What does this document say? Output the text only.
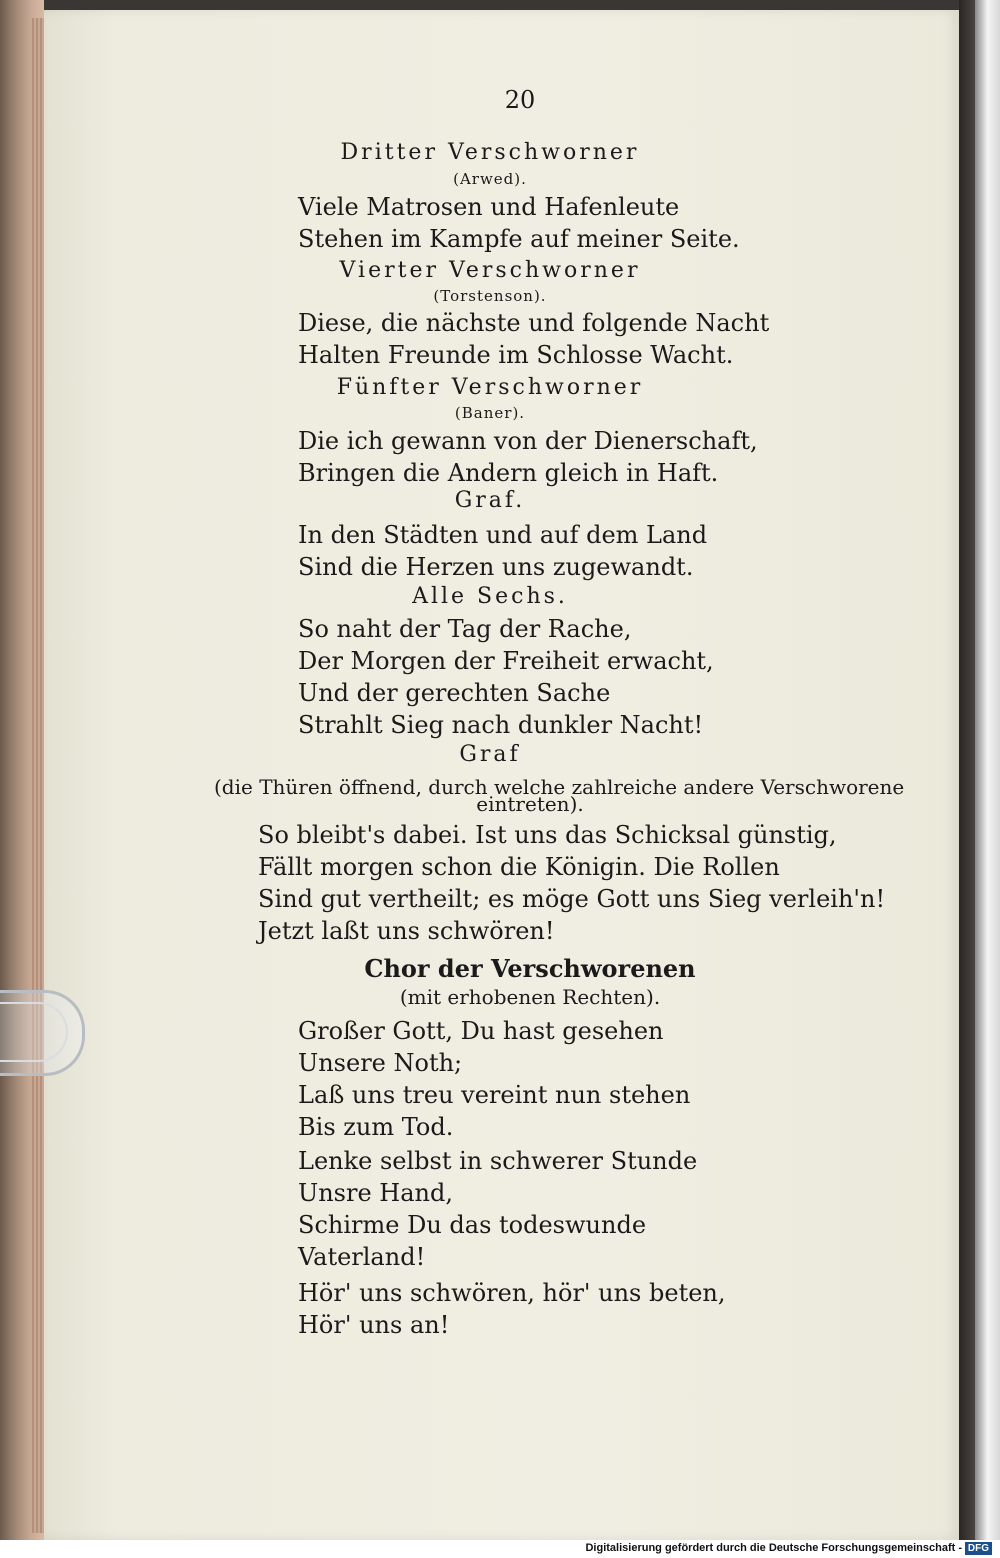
20
Dritter Verschworner
(Arwed).
Viele Matrosen und Hafenleute
Stehen im Kampfe auf meiner Seite.
Vierter Verschworner
(Torstenson).
Diese, die nächste und folgende Nacht
Halten Freunde im Schlosse Wacht.
Fünfter Verschworner
(Baner).
Die ich gewann von der Dienerschaft,
Bringen die Andern gleich in Haft.
Graf.
In den Städten und auf dem Land
Sind die Herzen uns zugewandt.
Alle Sechs.
So naht der Tag der Rache,
Der Morgen der Freiheit erwacht,
Und der gerechten Sache
Strahlt Sieg nach dunkler Nacht!
Graf
(die Thüren öffnend, durch welche zahlreiche andere Verschworene
eintreten).
So bleibt's dabei. Ist uns das Schicksal günstig,
Fällt morgen schon die Königin. Die Rollen
Sind gut vertheilt; es möge Gott uns Sieg verleih'n!
Jetzt laßt uns schwören!
Chor der Verschworenen
(mit erhobenen Rechten).
Großer Gott, Du hast gesehen
Unsere Noth;
Laß uns treu vereint nun stehen
Bis zum Tod.
Lenke selbst in schwerer Stunde
Unsre Hand,
Schirme Du das todeswunde
Vaterland!
Hör' uns schwören, hör' uns beten,
Hör' uns an!
Digitalisierung gefördert durch die Deutsche Forschungsgemeinschaft - DFG
